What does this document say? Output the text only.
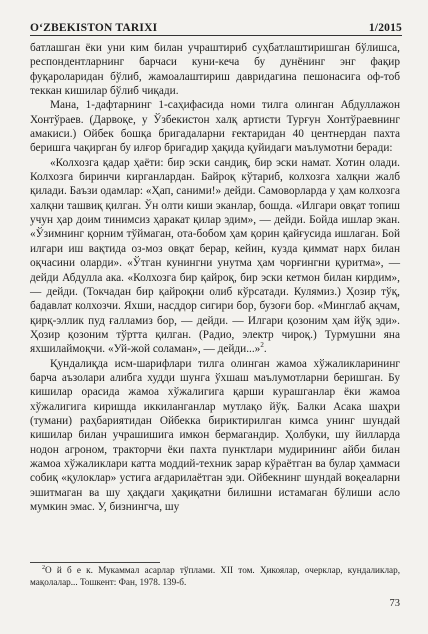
O‘ZBEKISTON TARIXI	1/2015

батлашган ёки уни ким билан учраштириб суҳбатлаштиришган бўлишса, респондентларнинг барчаси куни-кеча бу дунёнинг энг фақир фуқароларидан бўлиб, жамоалаштириш давридагина пешонасига оф-тоб теккан кишилар бўлиб чиқади.

Мана, 1-дафтарнинг 1-саҳифасида номи тилга олинган Абдуллажон Хонтўраев. (Дарвоқе, у Ўзбекистон халқ артисти Турғун Хонтўраевнинг амакиси.) Ойбек бошқа бригадаларни ғектаридан 40 центнердан пахта беришга чақирган бу илғор бригадир ҳақида қуйидаги маълумотни беради:

«Колхозга қадар ҳаёти: бир эски сандиқ, бир эски намат. Хотин олади. Колхозга биринчи кирганлардан. Байроқ кўтариб, колхозга халқни жалб қилади. Баъзи одамлар: «Ҳап, саними!» дейди. Самоворларда у ҳам колхозга халқни ташвиқ қилган. Ўн олти киши эканлар, бошда. «Илгари овқат топиш учун ҳар доим тинимсиз ҳаракат қилар эдим», — дейди. Бойда ишлар экан. «Ўзимнинг қорним тўймаган, ота-бобом ҳам қорин қайғусида ишлаган. Бой илгари иш вақтида оз-моз овқат берар, кейин, кузда қиммат нарх билан оқчасини оларди». «Ўтган кунингни унутма ҳам чорғингни қуритма», — дейди Абдулла ака. «Колхозга бир қайроқ, бир эски кетмон билан кирдим», — дейди. (Токчадан бир қайроқни олиб кўрсатади. Кулямиз.) Ҳозир тўқ, бадавлат колхозчи. Яхши, насддор сигири бор, бузоғи бор. «Минглаб ақчам, қирқ-эллик пуд ғалламиз бор, — дейди. — Илгари қозоним ҳам йўқ эди». Ҳозир қозоним тўртта қилган. (Радио, электр чироқ.) Турмушни яна яхшилаймоқчи. «Уй-жой соламан», — дейди...»$^2$.

Қундалиқда исм-шарифлари тилга олинган жамоа хўжаликларининг барча аъзолари алибга худди шунга ўхшаш маълумотларни беришган. Бу кишилар орасида жамоа хўжалигига қарши курашганлар ёки жамоа хўжалигига киришда иккиланганлар мутлақо йўқ. Балки Асака шаҳри (тумани) раҳбариятидан Ойбекка бириктирилган кимса унинг шундай кишилар билан учрашишига имкон бермагандир. Ҳолбуки, шу йилларда нодон агроном, тракторчи ёки пахта пунктлари мудирининг айби билан жамоа хўжаликлари катта моддий-техник зарар кўраётган ва булар ҳаммаси собиқ «қулоклар» устига ағдарилаётган эди. Ойбекнинг шундай воқеаларни эшитмаган ва шу ҳақдаги ҳақиқатни билишни истамаган бўлиши асло мумкин эмас. У, бизнингча, шу

$^2$О й б е к. Мукаммал асарлар тўплами. XII том. Ҳикоялар, очерклар, кундаликлар, мақолалар... Тошкент: Фан, 1978. 139-б.
73
